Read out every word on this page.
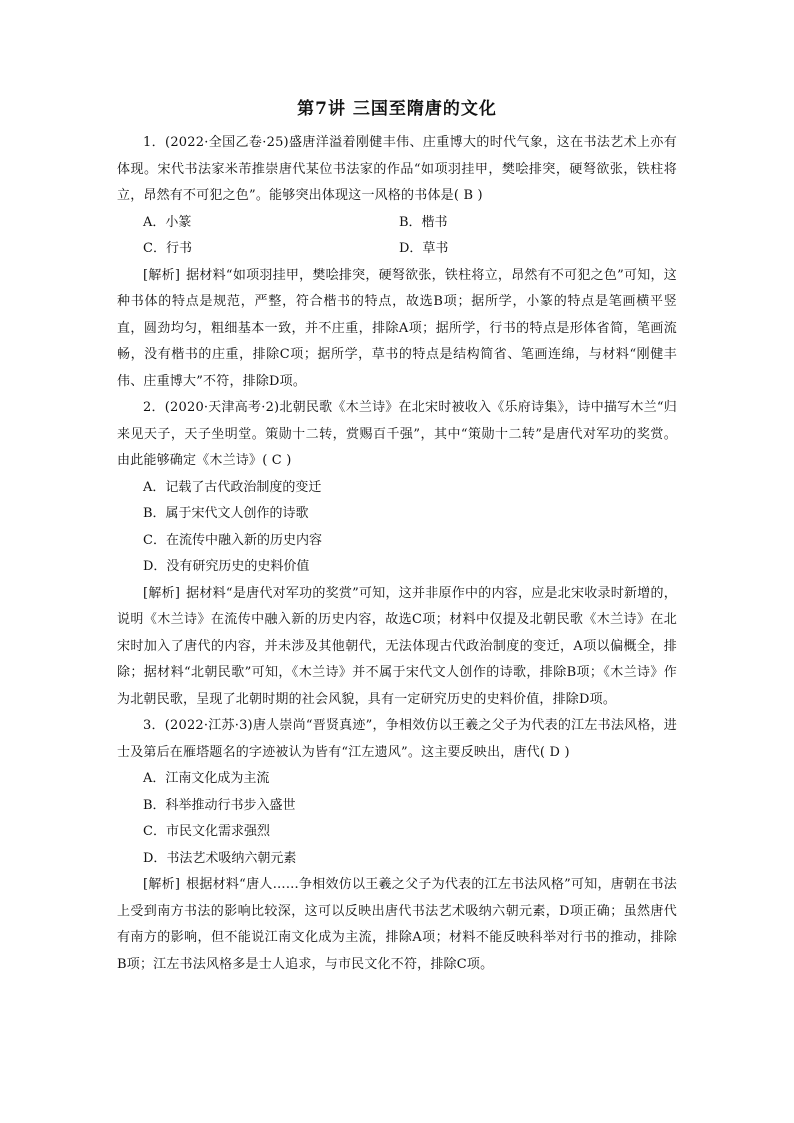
第7讲 三国至隋唐的文化

1．(2022·全国乙卷·25)盛唐洋溢着刚健丰伟、庄重博大的时代气象，这在书法艺术上亦有体现。宋代书法家米芾推崇唐代某位书法家的作品“如项羽挂甲，樊哙排突，硬弩欲张，铁柱将立，昂然有不可犯之色”。能够突出体现这一风格的书体是( B )

A．小篆	B．楷书

C．行书	D．草书

[解析] 据材料“如项羽挂甲，樊哙排突，硬弩欲张，铁柱将立，昂然有不可犯之色”可知，这种书体的特点是规范，严整，符合楷书的特点，故选B项；据所学，小篆的特点是笔画横平竖直，圆劲均匀，粗细基本一致，并不庄重，排除A项；据所学，行书的特点是形体省简，笔画流畅，没有楷书的庄重，排除C项；据所学，草书的特点是结构简省、笔画连绵，与材料“刚健丰伟、庄重博大”不符，排除D项。

2．(2020·天津高考·2)北朝民歌《木兰诗》在北宋时被收入《乐府诗集》，诗中描写木兰“归来见天子，天子坐明堂。策勋十二转，赏赐百千强”，其中“策勋十二转”是唐代对军功的奖赏。由此能够确定《木兰诗》( C )

A．记载了古代政治制度的变迁

B．属于宋代文人创作的诗歌

C．在流传中融入新的历史内容

D．没有研究历史的史料价值

[解析] 据材料“是唐代对军功的奖赏”可知，这并非原作中的内容，应是北宋收录时新增的，说明《木兰诗》在流传中融入新的历史内容，故选C项；材料中仅提及北朝民歌《木兰诗》在北宋时加入了唐代的内容，并未涉及其他朝代，无法体现古代政治制度的变迁，A项以偏概全，排除；据材料“北朝民歌”可知，《木兰诗》并不属于宋代文人创作的诗歌，排除B项；《木兰诗》作为北朝民歌，呈现了北朝时期的社会风貌，具有一定研究历史的史料价值，排除D项。

3．(2022·江苏·3)唐人崇尚“晋贤真迹”，争相效仿以王羲之父子为代表的江左书法风格，进士及第后在雁塔题名的字迹被认为皆有“江左遗风”。这主要反映出，唐代( D )

A．江南文化成为主流

B．科举推动行书步入盛世

C．市民文化需求强烈

D．书法艺术吸纳六朝元素

[解析] 根据材料“唐人……争相效仿以王羲之父子为代表的江左书法风格”可知，唐朝在书法上受到南方书法的影响比较深，这可以反映出唐代书法艺术吸纳六朝元素，D项正确；虽然唐代有南方的影响，但不能说江南文化成为主流，排除A项；材料不能反映科举对行书的推动，排除B项；江左书法风格多是士人追求，与市民文化不符，排除C项。
